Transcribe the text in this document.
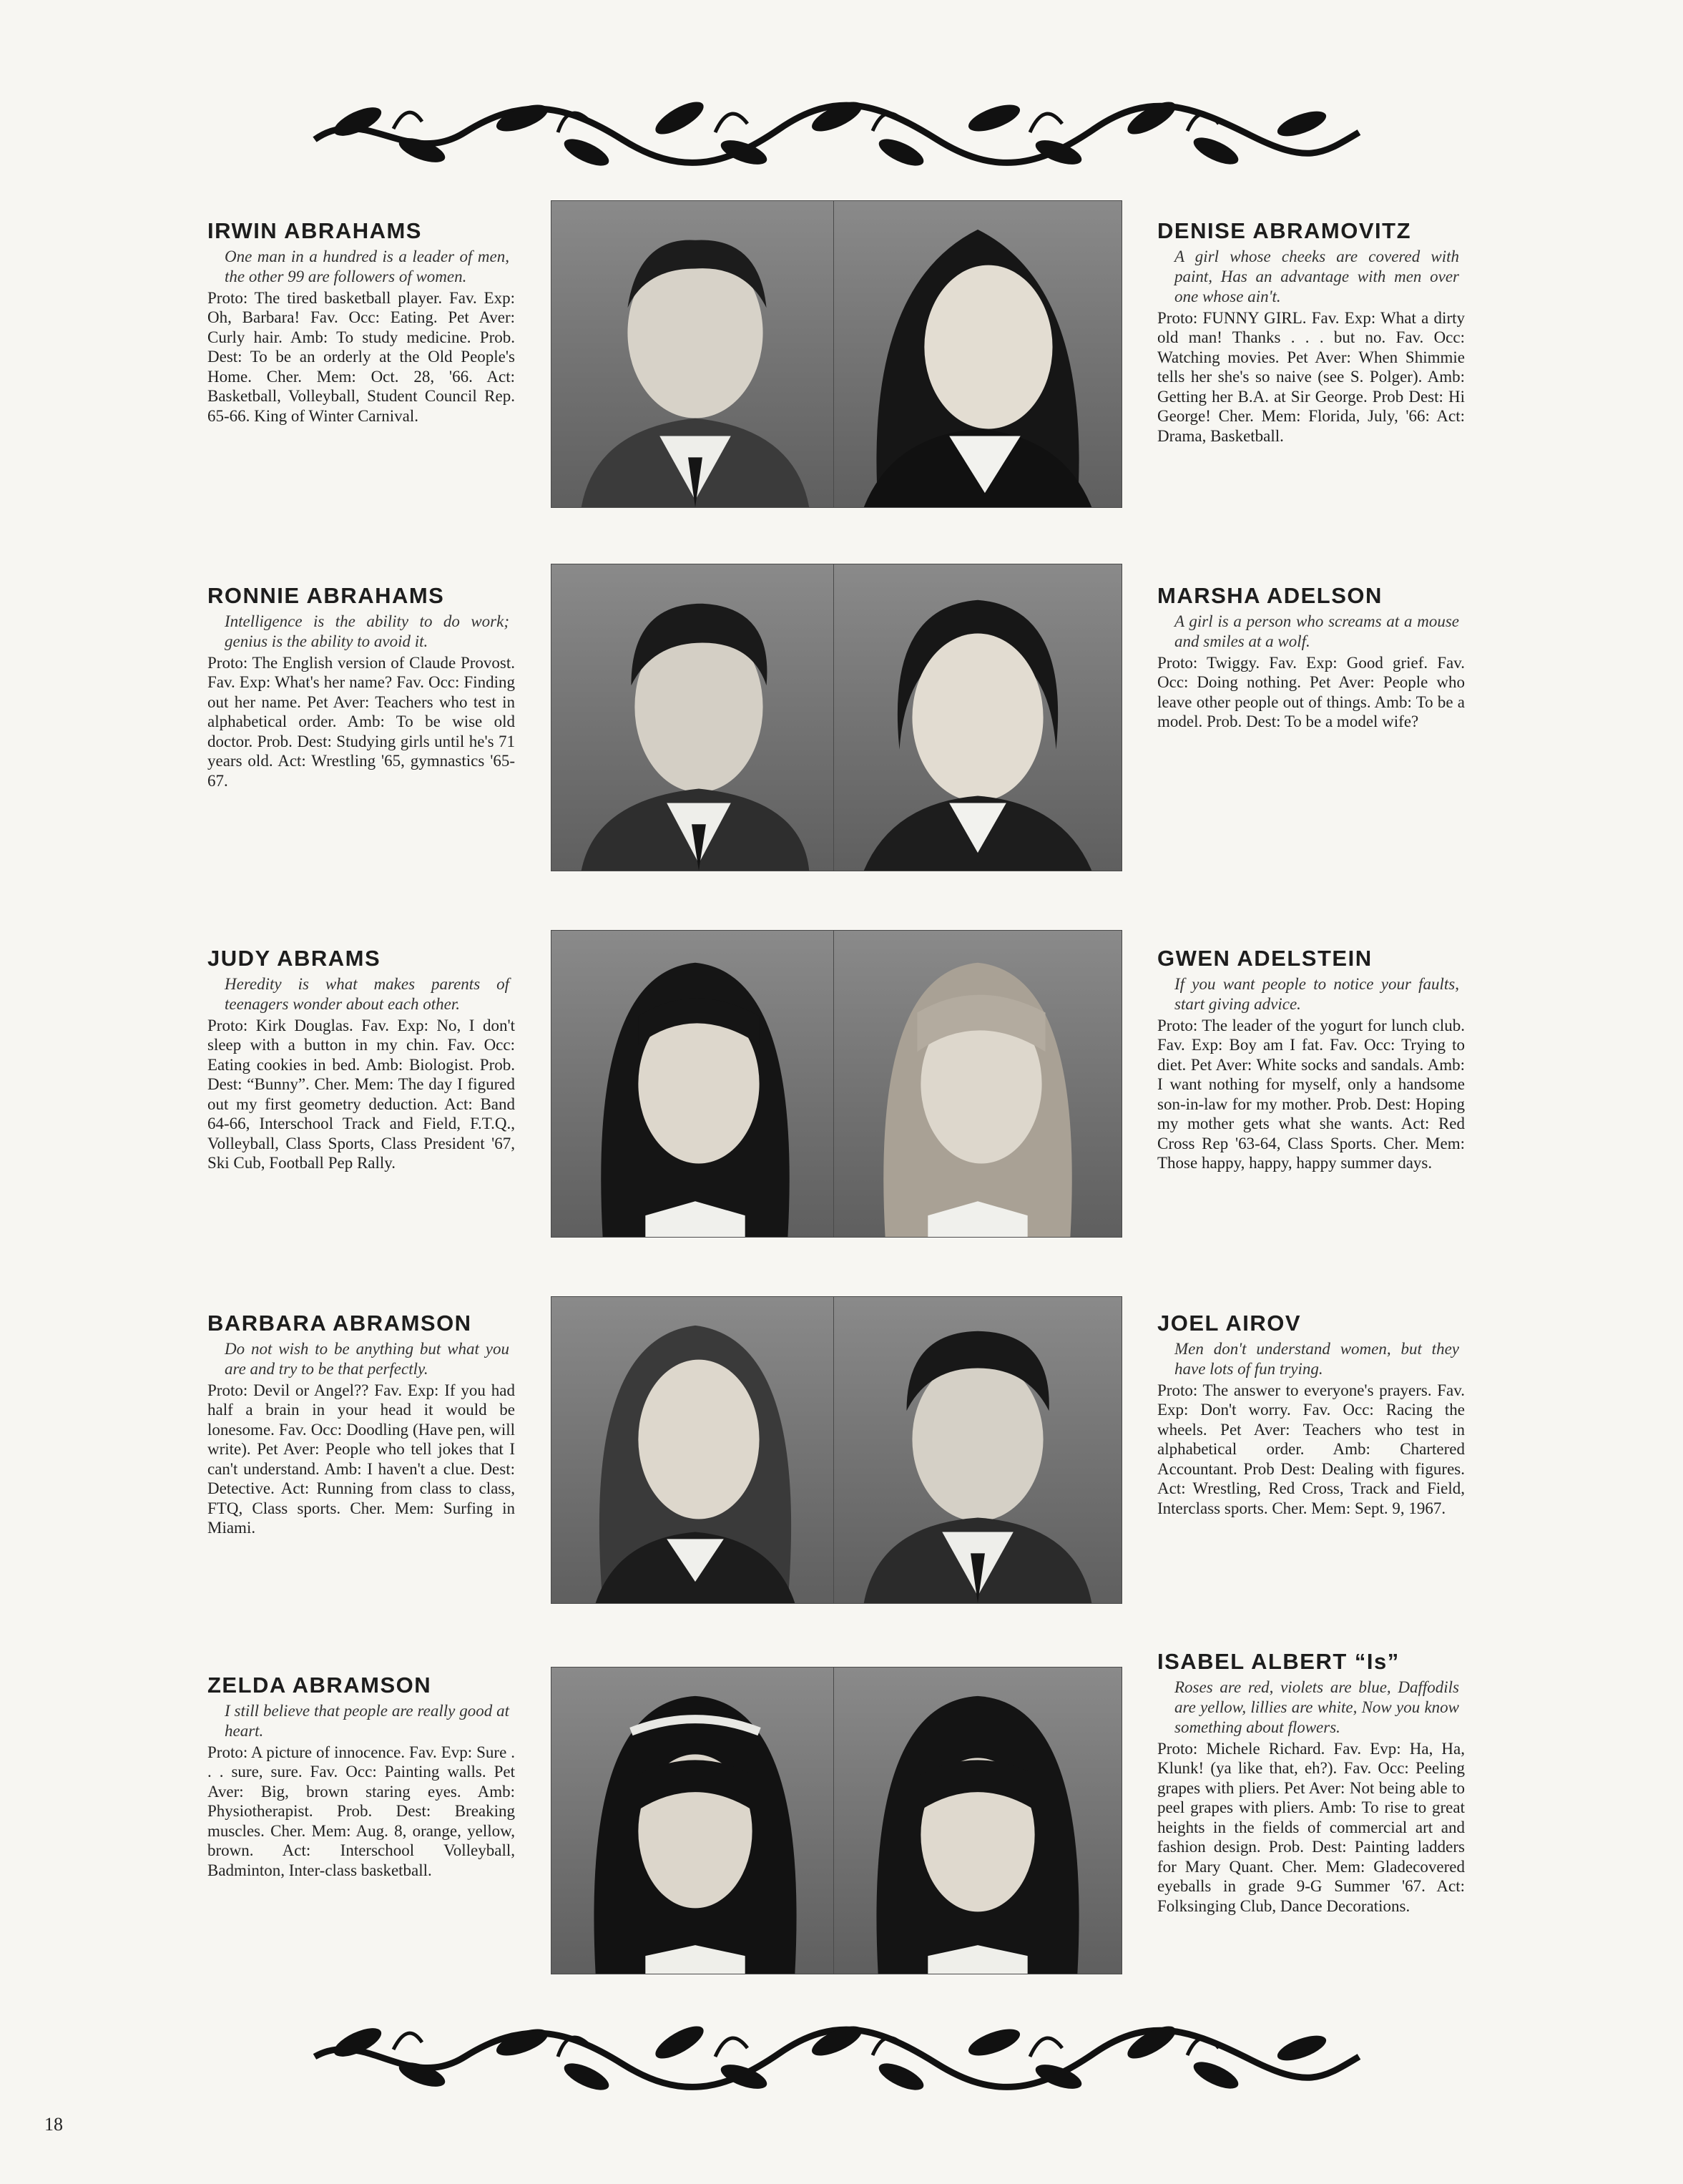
IRWIN ABRAHAMS
One man in a hundred is a leader of men, the other 99 are followers of women.

Proto: The tired basketball player. Fav. Exp: Oh, Barbara! Fav. Occ: Eating. Pet Aver: Curly hair. Amb: To study medicine. Prob. Dest: To be an orderly at the Old People's Home. Cher. Mem: Oct. 28, '66. Act: Basketball, Volleyball, Student Council Rep. 65-66. King of Winter Carnival.

DENISE ABRAMOVITZ
A girl whose cheeks are covered with paint, Has an advantage with men over one whose ain't.

Proto: FUNNY GIRL. Fav. Exp: What a dirty old man! Thanks . . . but no. Fav. Occ: Watching movies. Pet Aver: When Shimmie tells her she's so naive (see S. Polger). Amb: Getting her B.A. at Sir George. Prob Dest: Hi George! Cher. Mem: Florida, July, '66: Act: Drama, Basketball.

RONNIE ABRAHAMS
Intelligence is the ability to do work; genius is the ability to avoid it.

Proto: The English version of Claude Provost. Fav. Exp: What's her name? Fav. Occ: Finding out her name. Pet Aver: Teachers who test in alphabetical order. Amb: To be wise old doctor. Prob. Dest: Studying girls until he's 71 years old. Act: Wrestling '65, gymnastics '65-67.

MARSHA ADELSON
A girl is a person who screams at a mouse and smiles at a wolf.

Proto: Twiggy. Fav. Exp: Good grief. Fav. Occ: Doing nothing. Pet Aver: People who leave other people out of things. Amb: To be a model. Prob. Dest: To be a model wife?

JUDY ABRAMS
Heredity is what makes parents of teenagers wonder about each other.

Proto: Kirk Douglas. Fav. Exp: No, I don't sleep with a button in my chin. Fav. Occ: Eating cookies in bed. Amb: Biologist. Prob. Dest: “Bunny”. Cher. Mem: The day I figured out my first geometry deduction. Act: Band 64-66, Interschool Track and Field, F.T.Q., Volleyball, Class Sports, Class President '67, Ski Cub, Football Pep Rally.

GWEN ADELSTEIN
If you want people to notice your faults, start giving advice.

Proto: The leader of the yogurt for lunch club. Fav. Exp: Boy am I fat. Fav. Occ: Trying to diet. Pet Aver: White socks and sandals. Amb: I want nothing for myself, only a handsome son-in-law for my mother. Prob. Dest: Hoping my mother gets what she wants. Act: Red Cross Rep '63-64, Class Sports. Cher. Mem: Those happy, happy, happy summer days.

BARBARA ABRAMSON
Do not wish to be anything but what you are and try to be that perfectly.

Proto: Devil or Angel?? Fav. Exp: If you had half a brain in your head it would be lonesome. Fav. Occ: Doodling (Have pen, will write). Pet Aver: People who tell jokes that I can't understand. Amb: I haven't a clue. Dest: Detective. Act: Running from class to class, FTQ, Class sports. Cher. Mem: Surfing in Miami.

JOEL AIROV
Men don't understand women, but they have lots of fun trying.

Proto: The answer to everyone's prayers. Fav. Exp: Don't worry. Fav. Occ: Racing the wheels. Pet Aver: Teachers who test in alphabetical order. Amb: Chartered Accountant. Prob Dest: Dealing with figures. Act: Wrestling, Red Cross, Track and Field, Interclass sports. Cher. Mem: Sept. 9, 1967.

ZELDA ABRAMSON
I still believe that people are really good at heart.

Proto: A picture of innocence. Fav. Evp: Sure . . . sure, sure. Fav. Occ: Painting walls. Pet Aver: Big, brown staring eyes. Amb: Physiotherapist. Prob. Dest: Breaking muscles. Cher. Mem: Aug. 8, orange, yellow, brown. Act: Interschool Volleyball, Badminton, Inter-class basketball.

ISABEL ALBERT “Is”
Roses are red, violets are blue, Daffodils are yellow, lillies are white, Now you know something about flowers.

Proto: Michele Richard. Fav. Evp: Ha, Ha, Klunk! (ya like that, eh?). Fav. Occ: Peeling grapes with pliers. Pet Aver: Not being able to peel grapes with pliers. Amb: To rise to great heights in the fields of commercial art and fashion design. Prob. Dest: Painting ladders for Mary Quant. Cher. Mem: Gladecovered eyeballs in grade 9-G Summer '67. Act: Folksinging Club, Dance Decorations.

18
